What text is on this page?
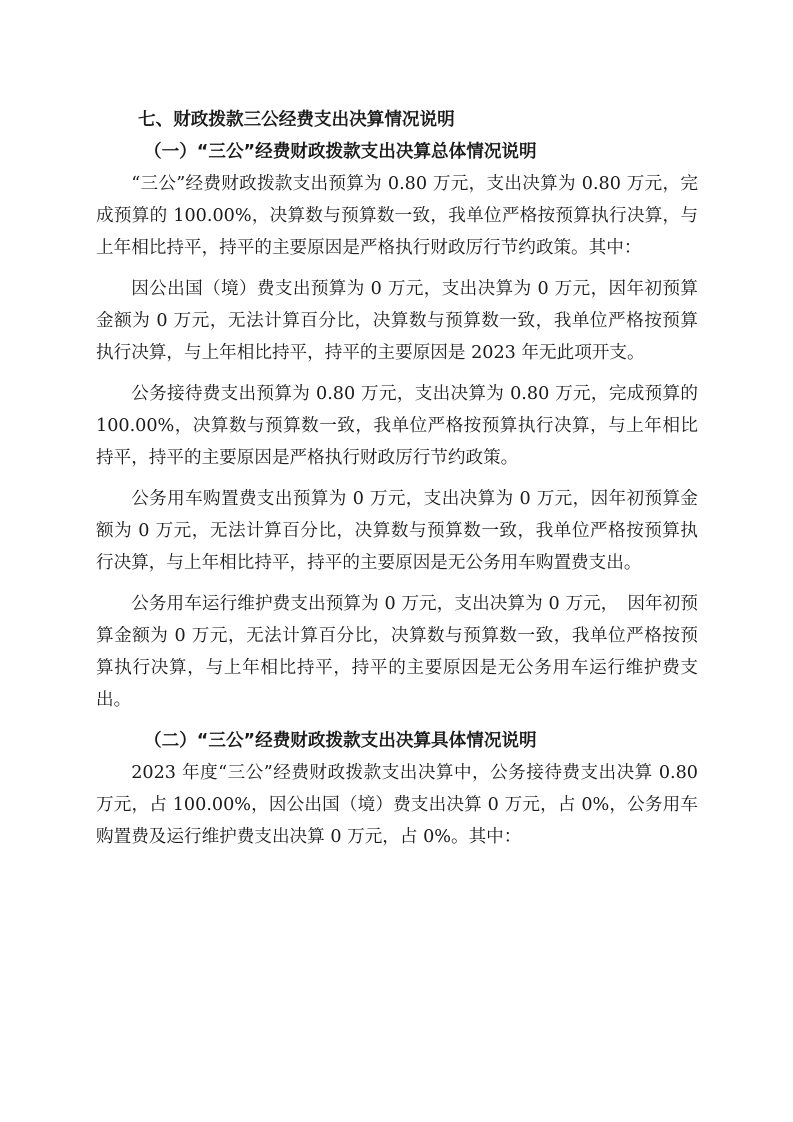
七、财政拨款三公经费支出决算情况说明
（一）“三公”经费财政拨款支出决算总体情况说明

“三公”经费财政拨款支出预算为 0.80 万元，支出决算为 0.80 万元，完成预算的 100.00%，决算数与预算数一致，我单位严格按预算执行决算，与上年相比持平，持平的主要原因是严格执行财政厉行节约政策。其中：

因公出国（境）费支出预算为 0 万元，支出决算为 0 万元，因年初预算金额为 0 万元，无法计算百分比，决算数与预算数一致，我单位严格按预算执行决算，与上年相比持平，持平的主要原因是 2023 年无此项开支。

公务接待费支出预算为 0.80 万元，支出决算为 0.80 万元，完成预算的 100.00%，决算数与预算数一致，我单位严格按预算执行决算，与上年相比持平，持平的主要原因是严格执行财政厉行节约政策。

公务用车购置费支出预算为 0 万元，支出决算为 0 万元，因年初预算金额为 0 万元，无法计算百分比，决算数与预算数一致，我单位严格按预算执行决算，与上年相比持平，持平的主要原因是无公务用车购置费支出。

公务用车运行维护费支出预算为 0 万元，支出决算为 0 万元，　因年初预算金额为 0 万元，无法计算百分比，决算数与预算数一致，我单位严格按预算执行决算，与上年相比持平，持平的主要原因是无公务用车运行维护费支出。

（二）“三公”经费财政拨款支出决算具体情况说明

2023 年度“三公”经费财政拨款支出决算中，公务接待费支出决算 0.80 万元，占 100.00%，因公出国（境）费支出决算 0 万元，占 0%，公务用车购置费及运行维护费支出决算 0 万元，占 0%。其中：
